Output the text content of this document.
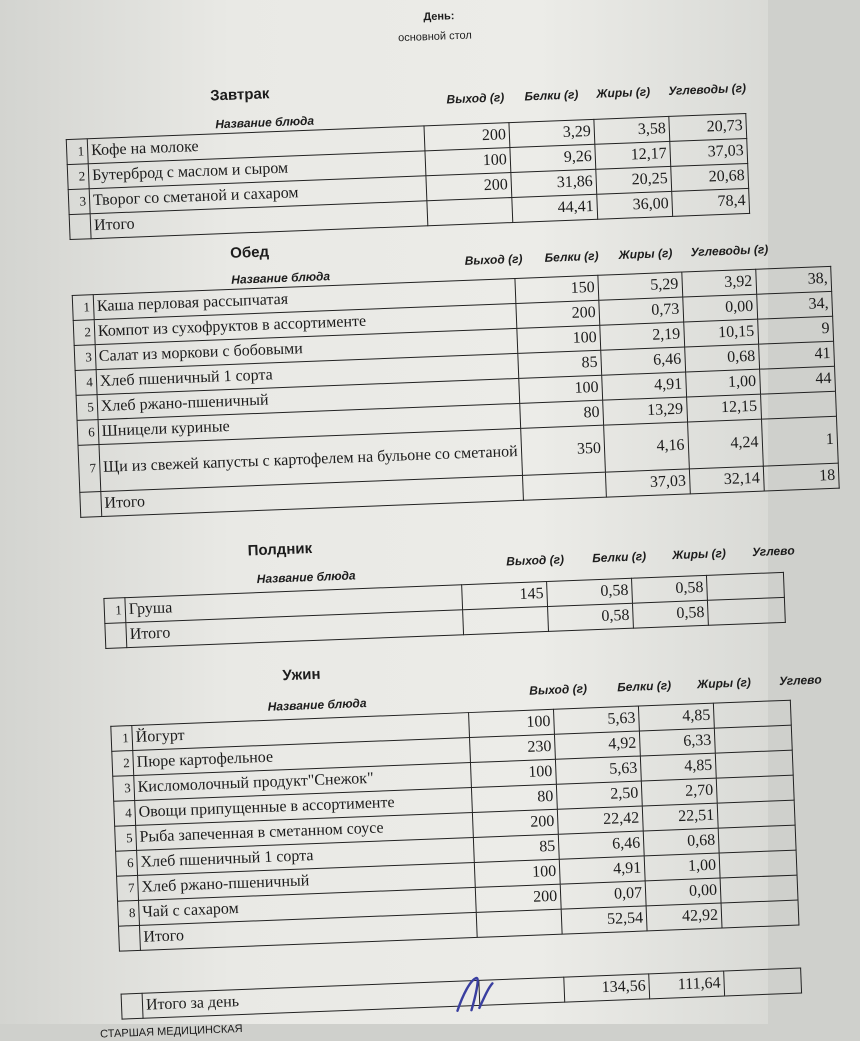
День:
основной стол
Завтрак
Название блюда
Выход (г) Белки (г) Жиры (г) Углеводы (г)
1	Кофе на молоке	200	3,29	3,58	20,73
2	Бутерброд с маслом и сыром	100	9,26	12,17	37,03
3	Творог со сметаной и сахаром	200	31,86	20,25	20,68
	Итого		44,41	36,00	78,4
Обед
Название блюда
Выход (г) Белки (г) Жиры (г) Углеводы (г)
1	Каша перловая рассыпчатая	150	5,29	3,92	38,
2	Компот из сухофруктов в ассортименте	200	0,73	0,00	34,
3	Салат из моркови с бобовыми	100	2,19	10,15	9
4	Хлеб пшеничный 1 сорта	85	6,46	0,68	41
5	Хлеб ржано-пшеничный	100	4,91	1,00	44
6	Шницели куриные	80	13,29	12,15	
7	Щи из свежей капусты с картофелем на бульоне со сметаной	350	4,16	4,24	1
	Итого		37,03	32,14	18
Полдник
Название блюда
Выход (г) Белки (г) Жиры (г) Углевo
1	Груша	145	0,58	0,58	
	Итого		0,58	0,58	
Ужин
Название блюда
Выход (г) Белки (г) Жиры (г) Углевo
1	Йогурт	100	5,63	4,85	
2	Пюре картофельное	230	4,92	6,33	
3	Кисломолочный продукт"Снежок"	100	5,63	4,85	
4	Овощи припущенные в ассортименте	80	2,50	2,70	
5	Рыба запеченная в сметанном соусе	200	22,42	22,51	
6	Хлеб пшеничный 1 сорта	85	6,46	0,68	
7	Хлеб ржано-пшеничный	100	4,91	1,00	
8	Чай с сахаром	200	0,07	0,00	
	Итого		52,54	42,92	
	Итого за день		134,56	111,64	
СТАРШАЯ МЕДИЦИНСКАЯ
